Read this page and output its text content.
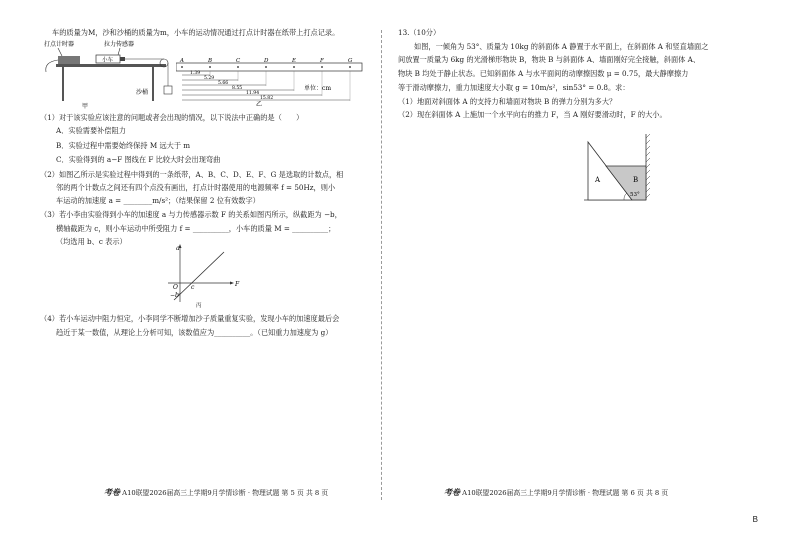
车的质量为M，沙和沙桶的质量为m，小车的运动情况通过打点计时器在纸带上打点记录。
打点计时器	拉力传感器
小车
沙桶
甲
A	B	C	D	E	F	G
1.39
5.29
5.66
8.55
11.94
15.82
单位：cm
乙
（1）对于该实验应该注意的问题或者会出现的情况，以下说法中正确的是（　　）
A．实验需要补偿阻力
B．实验过程中需要始终保持 M 远大于 m
C．实验得到的 a−F 图线在 F 比较大时会出现弯曲
（2）如图乙所示是实验过程中得到的一条纸带，A、B、C、D、E、F、G 是选取的计数点，相
邻的两个计数点之间还有四个点没有画出，打点计时器使用的电源频率 f = 50Hz，则小
车运动的加速度 a = ________m/s²；（结果保留 2 位有效数字）
（3）若小李由实验得到小车的加速度 a 与力传感器示数 F 的关系如图丙所示，纵截距为 −b，
横轴截距为 c，则小车运动中所受阻力 f = __________，小车的质量 M = __________；
（均选用 b、c 表示）
a
F
O c
−b
丙
（4）若小车运动中阻力恒定，小李同学不断增加沙子质量重复实验，发现小车的加速度最后会
趋近于某一数值，从理论上分析可知，该数值应为__________。（已知重力加速度为 g）
考卷 A10联盟2026届高三上学期9月学情诊断 · 物理试题 第 5 页 共 8 页
13.（10分）
如图，一倾角为 53°、质量为 10kg 的斜面体 A 静置于水平面上，在斜面体 A 和竖直墙面之
间放置一质量为 6kg 的光滑梯形物块 B，物块 B 与斜面体 A、墙面刚好完全接触，斜面体 A、
物块 B 均处于静止状态。已知斜面体 A 与水平面间的动摩擦因数 μ = 0.75，最大静摩擦力
等于滑动摩擦力，重力加速度大小取 g = 10m/s²，sin53° = 0.8。求：
（1）地面对斜面体 A 的支持力和墙面对物块 B 的弹力分别为多大？
（2）现在斜面体 A 上施加一个水平向右的推力 F，当 A 刚好要滑动时，F 的大小。
A	B
53°
考卷 A10联盟2026届高三上学期9月学情诊断 · 物理试题 第 6 页 共 8 页
B
